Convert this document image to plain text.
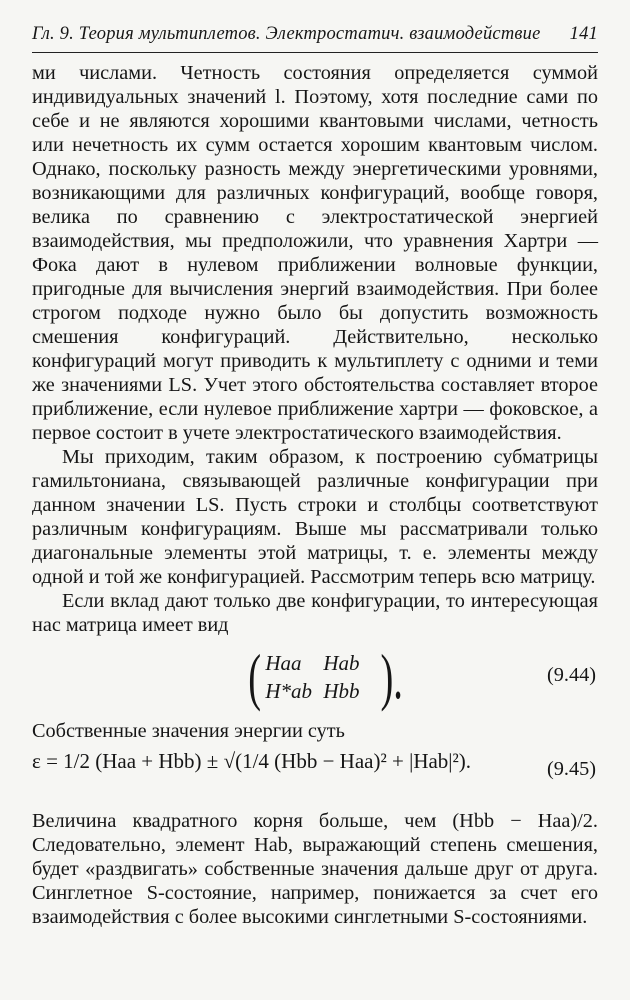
Гл. 9. Теория мультиплетов. Электростатич. взаимодействие 141

ми числами. Четность состояния определяется суммой индивидуальных значений l. Поэтому, хотя последние сами по себе и не являются хорошими квантовыми числами, четность или нечетность их сумм остается хорошим квантовым числом. Однако, поскольку разность между энергетическими уровнями, возникающими для различных конфигураций, вообще говоря, велика по сравнению с электростатической энергией взаимодействия, мы предположили, что уравнения Хартри — Фока дают в нулевом приближении волновые функции, пригодные для вычисления энергий взаимодействия. При более строгом подходе нужно было бы допустить возможность смешения конфигураций. Действительно, несколько конфигураций могут приводить к мультиплету с одними и теми же значениями LS. Учет этого обстоятельства составляет второе приближение, если нулевое приближение хартри — фоковское, а первое состоит в учете электростатического взаимодействия.

Мы приходим, таким образом, к построению субматрицы гамильтониана, связывающей различные конфигурации при данном значении LS. Пусть строки и столбцы соответствуют различным конфигурациям. Выше мы рассматривали только диагональные элементы этой матрицы, т. е. элементы между одной и той же конфигурацией. Рассмотрим теперь всю матрицу.

Если вклад дают только две конфигурации, то интересующая нас матрица имеет вид

( Haa	Hab
H*ab Hbb ).	(9.44)

Собственные значения энергии суть

ε = 1/2 (Haa + Hbb) ± √(1/4 (Hbb − Haa)² + |Hab|²).	(9.45)

Величина квадратного корня больше, чем (Hbb − Haa)/2. Следовательно, элемент Hab, выражающий степень смешения, будет «раздвигать» собственные значения дальше друг от друга. Синглетное S-состояние, например, понижается за счет его взаимодействия с более высокими синглетными S-состояниями.
